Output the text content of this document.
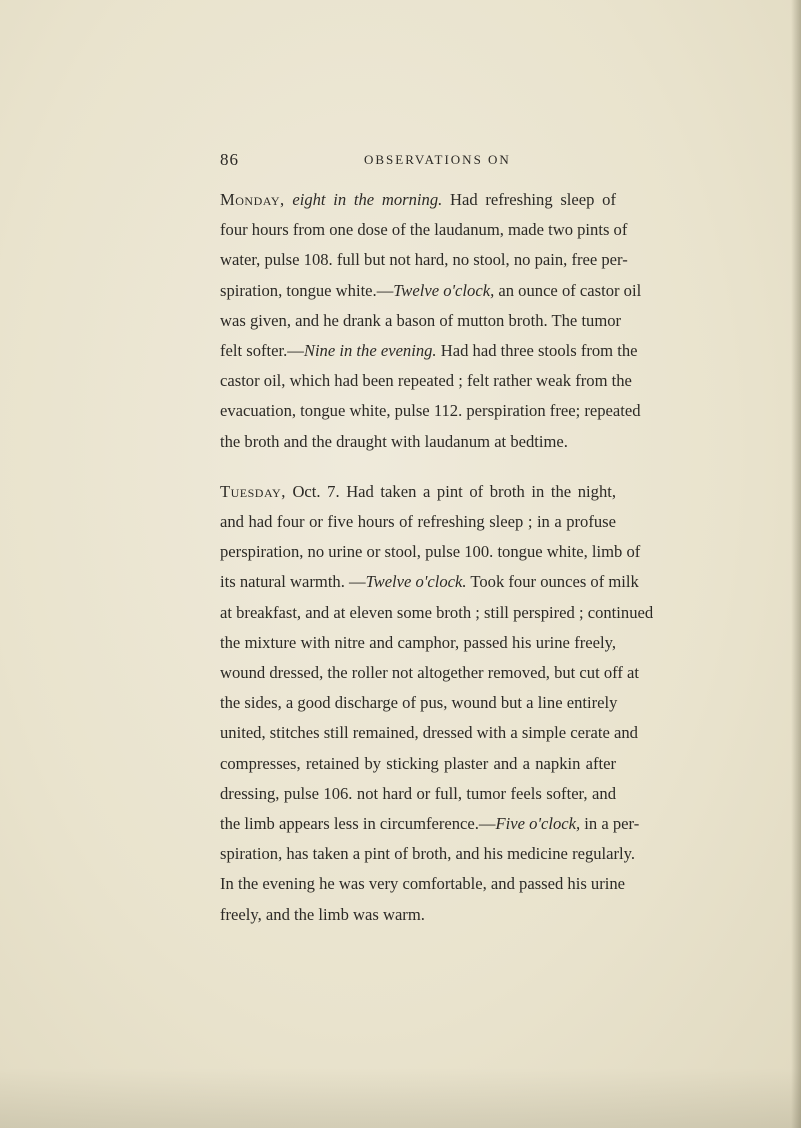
86	OBSERVATIONS ON
Monday, eight in the morning. Had refreshing sleep of
four hours from one dose of the laudanum, made two pints of
water, pulse 108. full but not hard, no stool, no pain, free per-
spiration, tongue white.—Twelve o'clock, an ounce of castor oil
was given, and he drank a bason of mutton broth. The tumor
felt softer.—Nine in the evening. Had had three stools from the
castor oil, which had been repeated ; felt rather weak from the
evacuation, tongue white, pulse 112. perspiration free; repeated
the broth and the draught with laudanum at bedtime.
Tuesday, Oct. 7. Had taken a pint of broth in the night,
and had four or five hours of refreshing sleep ; in a profuse
perspiration, no urine or stool, pulse 100. tongue white, limb of
its natural warmth. —Twelve o'clock. Took four ounces of milk
at breakfast, and at eleven some broth ; still perspired ; continued
the mixture with nitre and camphor, passed his urine freely,
wound dressed, the roller not altogether removed, but cut off at
the sides, a good discharge of pus, wound but a line entirely
united, stitches still remained, dressed with a simple cerate and
compresses, retained by sticking plaster and a napkin after
dressing, pulse 106. not hard or full, tumor feels softer, and
the limb appears less in circumference.—Five o'clock, in a per-
spiration, has taken a pint of broth, and his medicine regularly.
In the evening he was very comfortable, and passed his urine
freely, and the limb was warm.
